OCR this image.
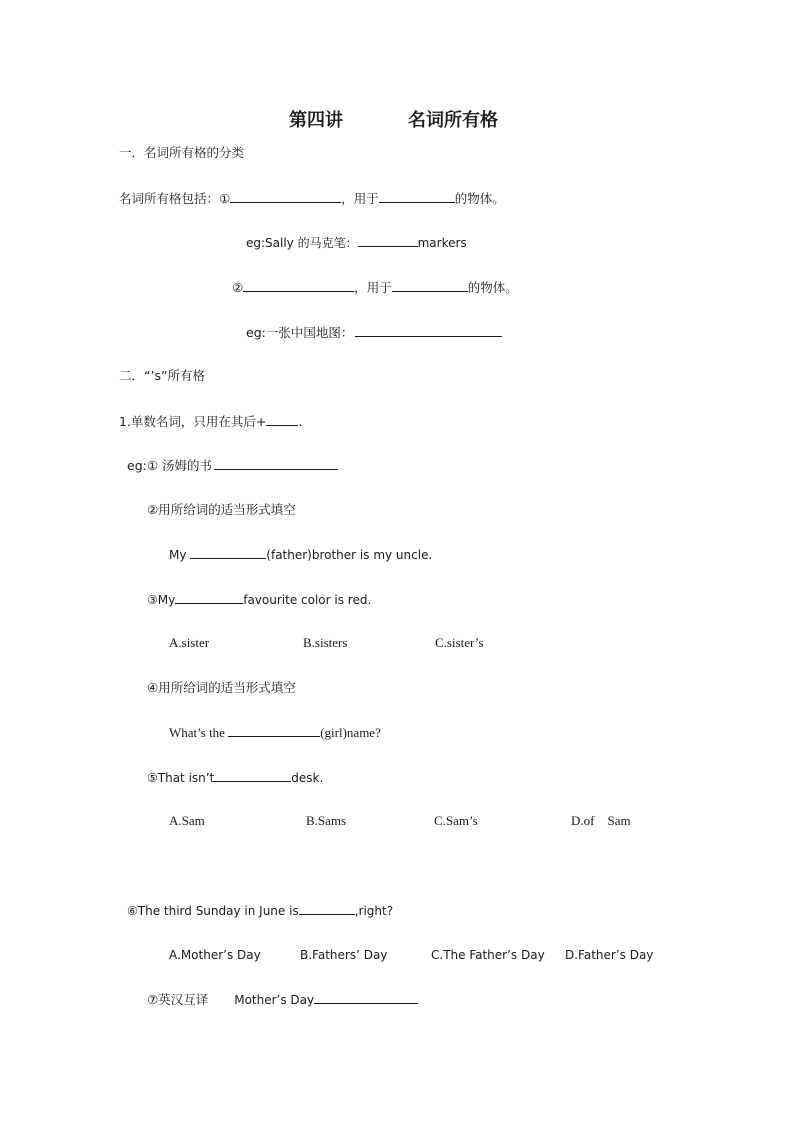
第四讲	名词所有格
一．名词所有格的分类
名词所有格包括：①	，用于	的物体。
eg:Sally 的马克笔：	markers
②	，用于	的物体。
eg:一张中国地图：
二．“’s”所有格
1.单数名词，只用在其后+	.
eg:① 汤姆的书
②用所给词的适当形式填空
My	(father)brother is my uncle.
③My	favourite color is red.
A.sister	B.sisters	C.sister’s
④用所给词的适当形式填空
What’s the	(girl)name?
⑤That isn’t	desk.
A.Sam	B.Sams	C.Sam’s	D.of    Sam
⑥The third Sunday in June is	,right?
A.Mother’s Day	B.Fathers’ Day	C.The Father’s Day D.Father’s Day
⑦英汉互译 Mother’s Day
